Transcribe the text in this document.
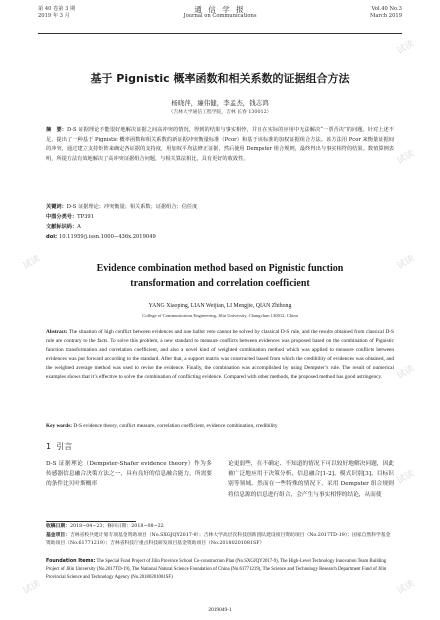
第 40 卷第 3 期
2019 年 3 月
通 信 学 报
Journal on Communications
Vol.40 No.3
March 2019
基于 Pignistic 概率函数和相关系数的证据组合方法
杨晓萍，廉伟健，李孟杰，钱志鸿
（吉林大学通信工程学院，吉林 长春 130012）
摘　要：D-S 证据理论不能很好地解决证据之间高冲突的情况，得到的结果与事实相悖，并且在实际的应用中无法解决“一票否决”的问题。针对上述不足，提出了一种基于 Pignistic 概率函数和相关系数的新证据冲突衡量标准（Pcor）和基于该标准的加权证据组合方法。该方法用 Pcor 来衡量证据间的冲突，通过建立支持矩阵来确定各证据的支持度，用加权平均法修正证据，然后使用 Dempster 组合规则，最终得出与事实相符的结果。数值算例表明，所提方法有效地解决了高冲突证据组合问题，与相关算法相比，具有更好的收敛性。
关键词：D-S 证据理论；冲突衡量；相关系数；证据组合；信任度
中图分类号：TP391
文献标识码：A
doi: 10.11959/j.issn.1000−436x.2019049
Evidence combination method based on Pignistic function
transformation and correlation coefficient
YANG Xiaoping, LIAN Weijian, LI Mengjie, QIAN Zhihong
College of Communication Engineering, Jilin University, Changchun 130012, China
Abstract: The situation of high conflict between evidences and one ballot veto cannot be solved by classical D-S rule, and the results obtained from classical D-S rule are contrary to the facts. To solve this problem, a new standard to measure conflicts between evidences was proposed based on the combination of Pignistic function transformation and correlation coefficient, and also a novel kind of weighted combination method which was applied to measure conflicts between evidences was put forward according to the standard. After that, a support matrix was constructed based from which the credibility of evidences was obtained, and the weighted average method was used to revise the evidence. Finally, the combination was accomplished by using Dempster’s rule. The result of numerical examples shows that it’s effective to solve the combination of conflicting evidence. Compared with other methods, the proposed method has good astringency.
Key words: D-S evidence theory, conflict measure, correlation coefficient, evidence combination, credibility
1 引言
D-S 证据理论（Dempster-Shafer evidence theory）作为多传感器信息融合决策方法之一，具有良好的信息融合能力，所需要的条件比贝叶斯概率
论更弱些，在不确定、不知道的情况下可以较好地解决问题，因此被广泛地应用于决策分析、信息融合[1-2]、模式识别[3]、目标识别等领域。然而在一些特殊的情况下，采用 Dempster 组合规则将信息源的信息进行组合，会产生与事实相悖的结论，从而使
收稿日期：2018−04−23；修回日期：2018−08−22
基金项目：吉林省校共建计划专项基金资助项目（No.SXGJQY2017-9）；吉林大学高层次科技创新团队建设项目资助项目（No.2017TD-19）；国家自然科学基金资助项目（No.61771219）；吉林省科技厅重点科技研发项目基金资助项目（No.20180201081SF）
Foundation Items: The Special Fund Project of Jilin Province School Co-construction Plan (No.SXGJQY2017-9), The High-Level Technology Innovation Team Building Project of Jilin University (No.2017TD-19), The National Natural Science Foundation of China (No.61771219), The Science and Technology Research Department Fund of Jilin Provincial Science and Technology Agency (No.20180201081SF)
2019049-1
试读
试读
试读
试读
试读
试读
试读
试读
